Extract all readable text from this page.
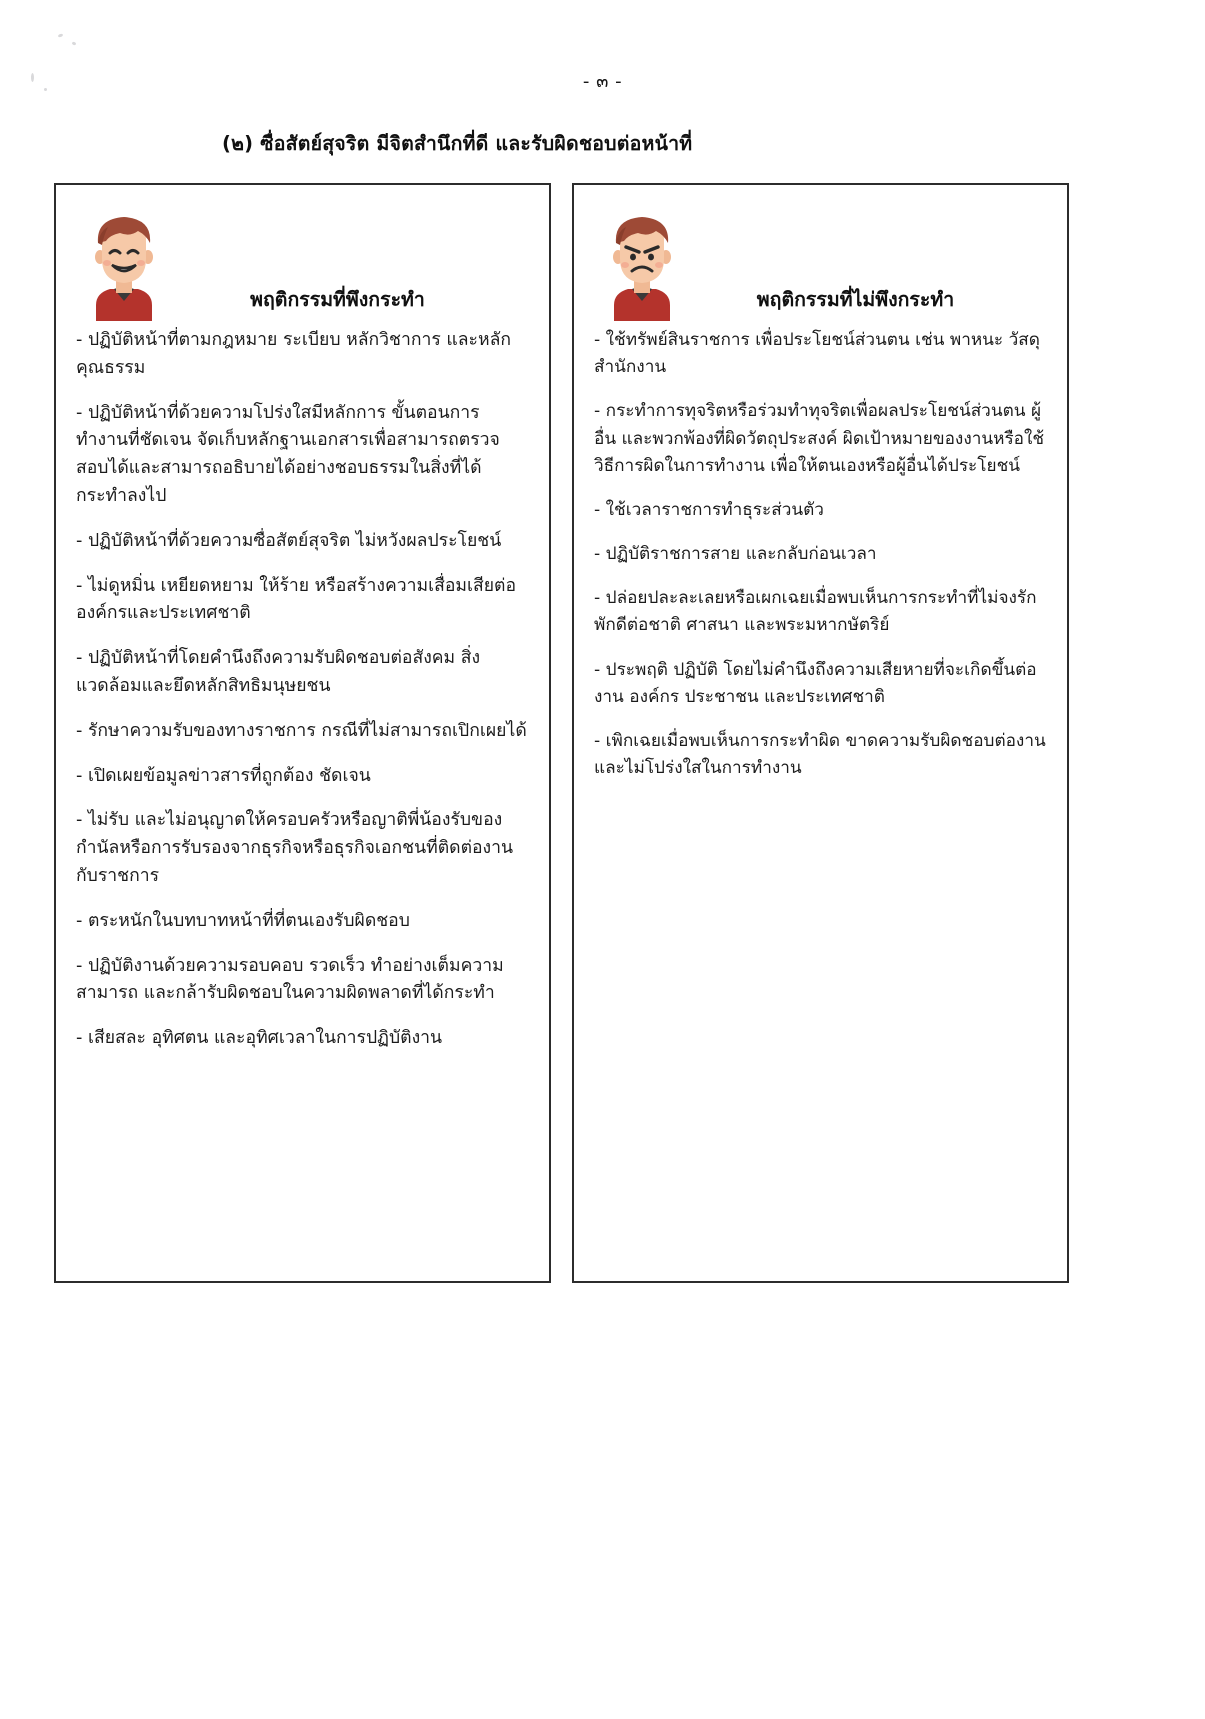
- ๓ -
(๒) ซื่อสัตย์สุจริต มีจิตสำนึกที่ดี และรับผิดชอบต่อหน้าที่
พฤติกรรมที่พึงกระทำ

- ปฏิบัติหน้าที่ตามกฎหมาย ระเบียบ หลักวิชาการ และหลักคุณธรรม

- ปฏิบัติหน้าที่ด้วยความโปร่งใสมีหลักการ ขั้นตอนการทำงานที่ชัดเจน จัดเก็บหลักฐานเอกสารเพื่อสามารถตรวจสอบได้และสามารถอธิบายได้อย่างชอบธรรมในสิ่งที่ได้กระทำลงไป

- ปฏิบัติหน้าที่ด้วยความซื่อสัตย์สุจริต ไม่หวังผลประโยชน์

- ไม่ดูหมิ่น เหยียดหยาม ให้ร้าย หรือสร้างความเสื่อมเสียต่อองค์กรและประเทศชาติ

- ปฏิบัติหน้าที่โดยคำนึงถึงความรับผิดชอบต่อสังคม สิ่งแวดล้อมและยึดหลักสิทธิมนุษยชน

- รักษาความรับของทางราชการ กรณีที่ไม่สามารถเปิกเผยได้

- เปิดเผยข้อมูลข่าวสารที่ถูกต้อง ชัดเจน

- ไม่รับ และไม่อนุญาตให้ครอบครัวหรือญาติพี่น้องรับของกำนัลหรือการรับรองจากธุรกิจหรือธุรกิจเอกชนที่ติดต่องานกับราชการ

- ตระหนักในบทบาทหน้าที่ที่ตนเองรับผิดชอบ

- ปฏิบัติงานด้วยความรอบคอบ รวดเร็ว ทำอย่างเต็มความสามารถ และกล้ารับผิดชอบในความผิดพลาดที่ได้กระทำ

- เสียสละ อุทิศตน และอุทิศเวลาในการปฏิบัติงาน

พฤติกรรมที่ไม่พึงกระทำ

- ใช้ทรัพย์สินราชการ เพื่อประโยชน์ส่วนตน เช่น พาหนะ วัสดุสำนักงาน

- กระทำการทุจริตหรือร่วมทำทุจริตเพื่อผลประโยชน์ส่วนตน ผู้อื่น และพวกพ้องที่ผิดวัตถุประสงค์ ผิดเป้าหมายของงานหรือใช้วิธีการผิดในการทำงาน เพื่อให้ตนเองหรือผู้อื่นได้ประโยชน์

- ใช้เวลาราชการทำธุระส่วนตัว

- ปฏิบัติราชการสาย และกลับก่อนเวลา

- ปล่อยปละละเลยหรือเผกเฉยเมื่อพบเห็นการกระทำที่ไม่จงรักพักดีต่อชาติ ศาสนา และพระมหากษัตริย์

- ประพฤติ ปฏิบัติ โดยไม่คำนึงถึงความเสียหายที่จะเกิดขึ้นต่องาน องค์กร ประชาชน และประเทศชาติ

- เพิกเฉยเมื่อพบเห็นการกระทำผิด ขาดความรับผิดชอบต่องาน และไม่โปร่งใสในการทำงาน
